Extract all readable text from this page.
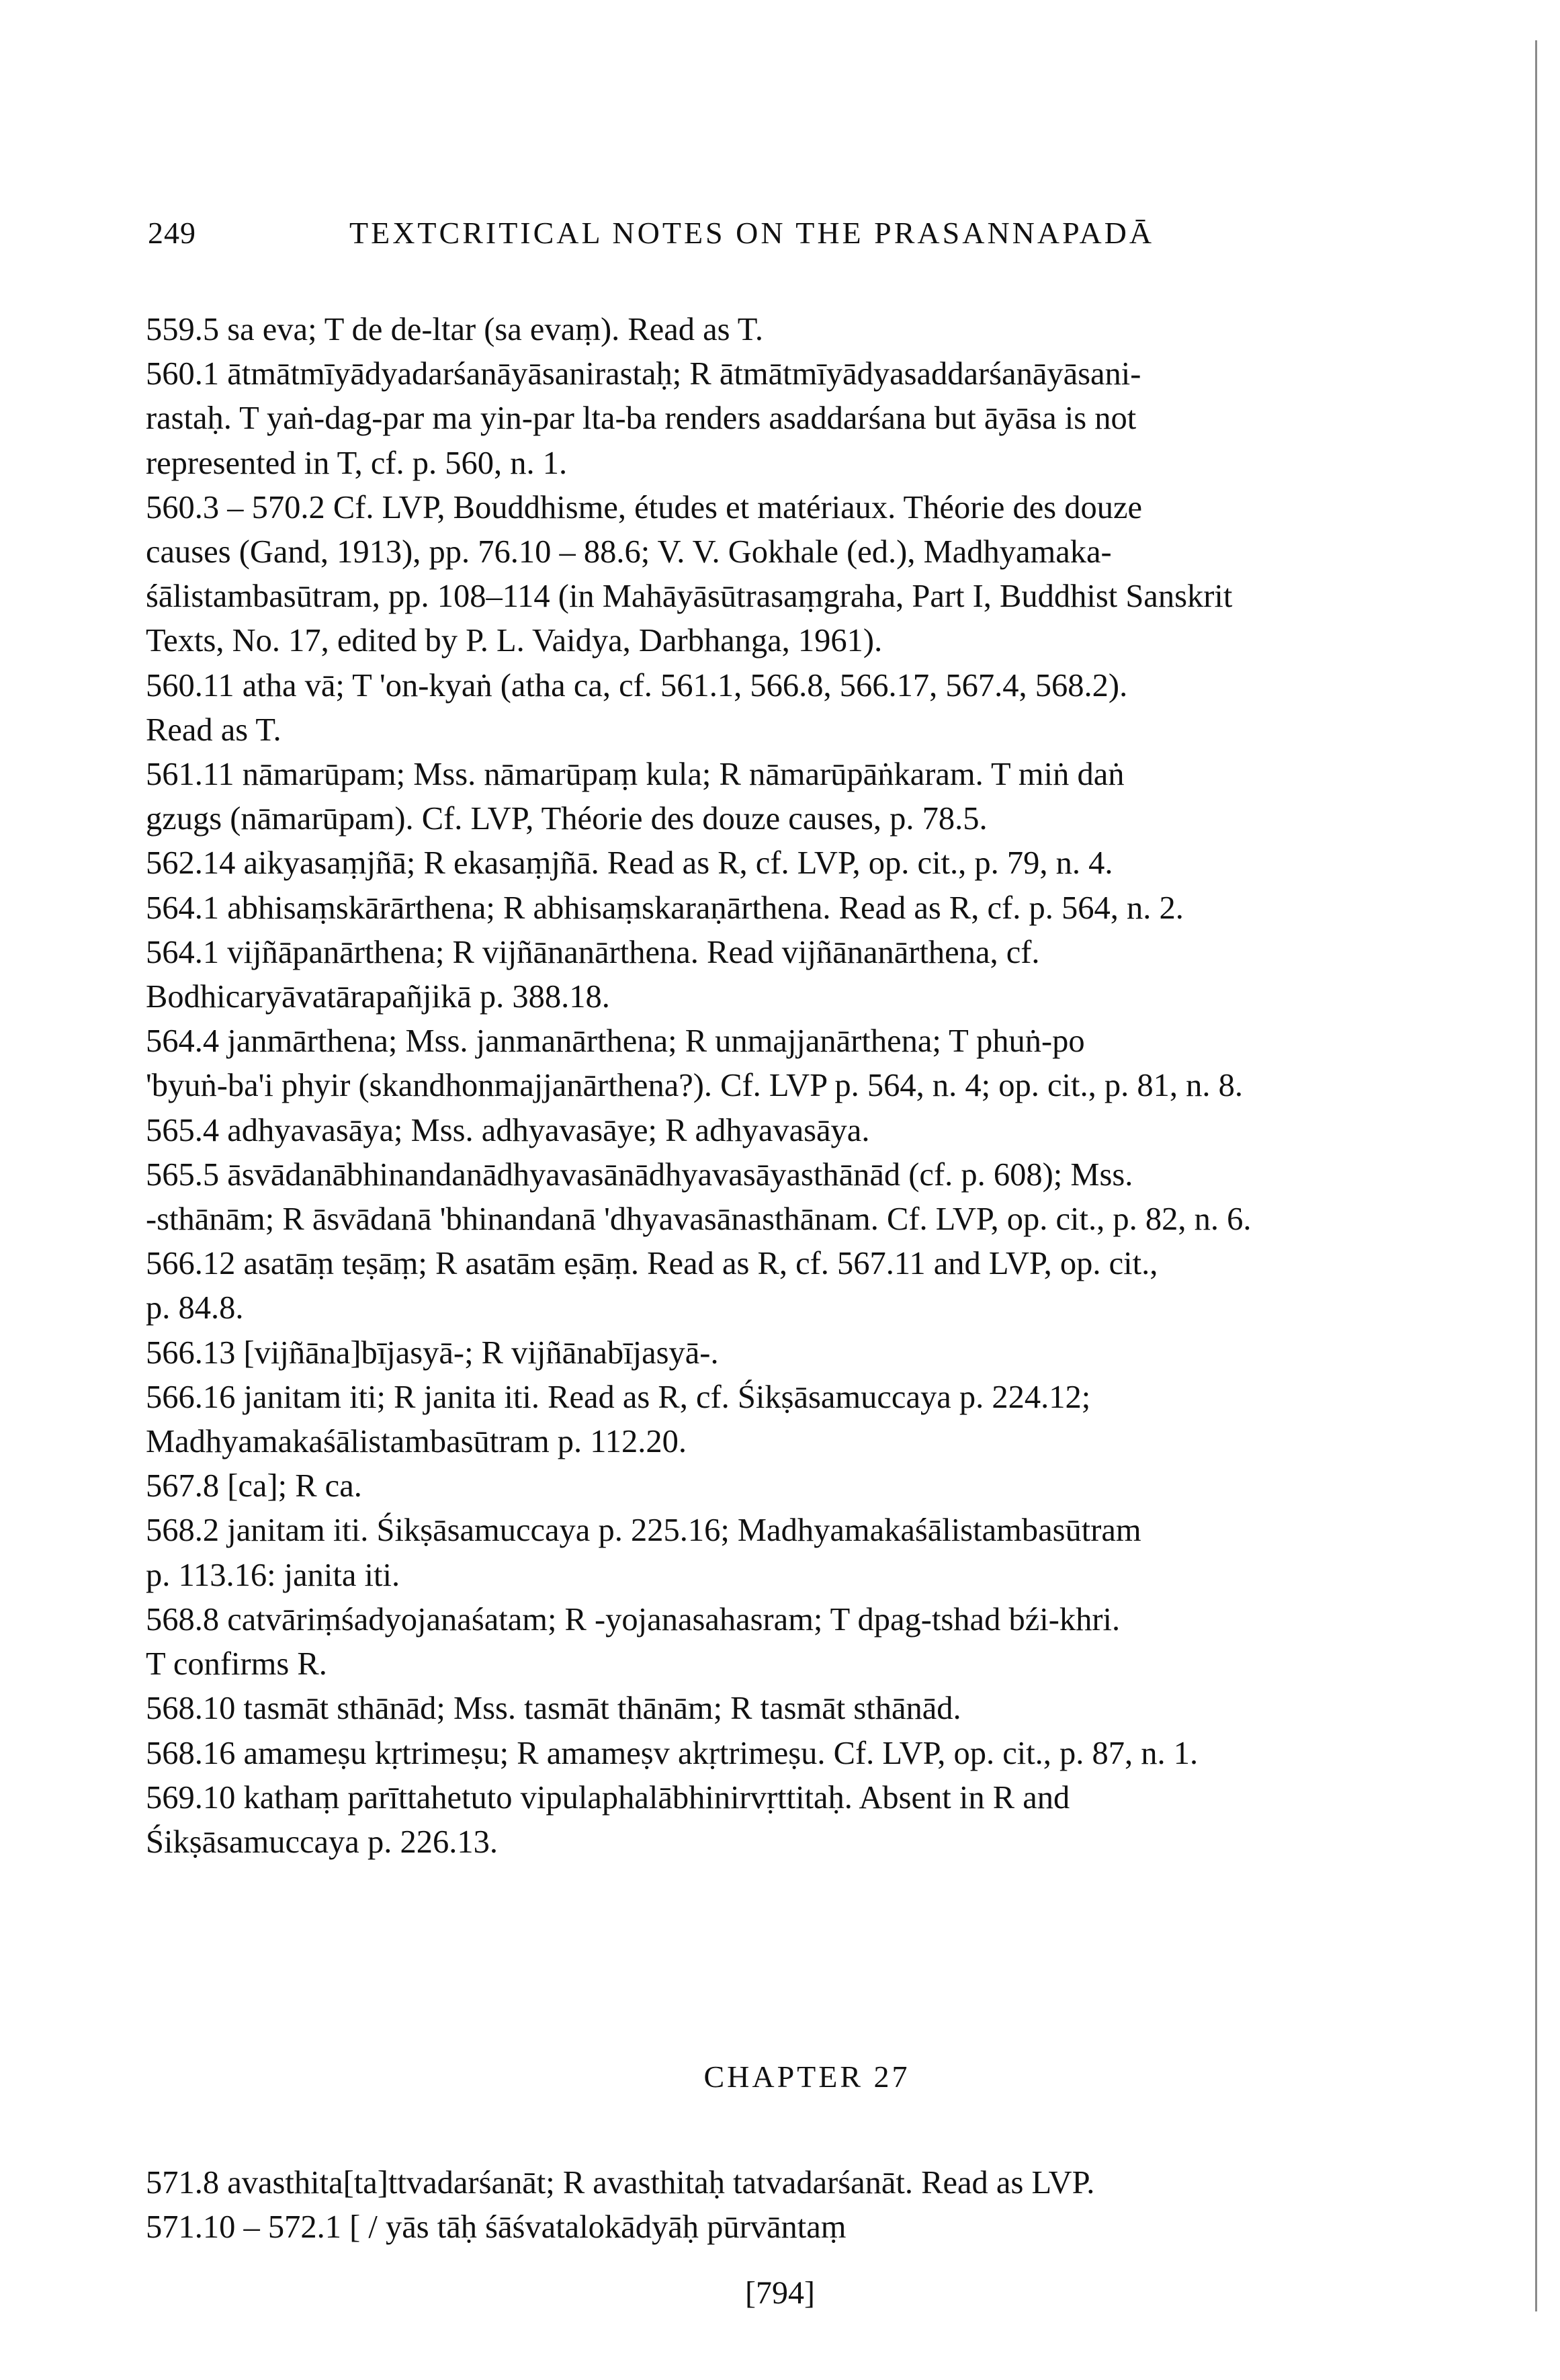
249	TEXTCRITICAL NOTES ON THE PRASANNAPADĀ

559.5 sa eva; T de de-ltar (sa evaṃ). Read as T.

560.1 ātmātmīyādyadarśanāyāsanirastaḥ; R ātmātmīyādyasaddarśanāyāsani-

rastaḥ. T yaṅ-dag-par ma yin-par lta-ba renders asaddarśana but āyāsa is not

represented in T, cf. p. 560, n. 1.

560.3 – 570.2 Cf. LVP, Bouddhisme, études et matériaux. Théorie des douze

causes (Gand, 1913), pp. 76.10 – 88.6; V. V. Gokhale (ed.), Madhyamaka-

śālistambasūtram, pp. 108–114 (in Mahāyāsūtrasaṃgraha, Part I, Buddhist Sanskrit

Texts, No. 17, edited by P. L. Vaidya, Darbhanga, 1961).

560.11 atha vā; T 'on-kyaṅ (atha ca, cf. 561.1, 566.8, 566.17, 567.4, 568.2).

Read as T.

561.11 nāmarūpam; Mss. nāmarūpaṃ kula; R nāmarūpāṅkaram. T miṅ daṅ

gzugs (nāmarūpam). Cf. LVP, Théorie des douze causes, p. 78.5.

562.14 aikyasaṃjñā; R ekasaṃjñā. Read as R, cf. LVP, op. cit., p. 79, n. 4.

564.1 abhisaṃskārārthena; R abhisaṃskaraṇārthena. Read as R, cf. p. 564, n. 2.

564.1 vijñāpanārthena; R vijñānanārthena. Read vijñānanārthena, cf.

Bodhicaryāvatārapañjikā p. 388.18.

564.4 janmārthena; Mss. janmanārthena; R unmajjanārthena; T phuṅ-po

'byuṅ-ba'i phyir (skandhonmajjanārthena?). Cf. LVP p. 564, n. 4; op. cit., p. 81, n. 8.

565.4 adhyavasāya; Mss. adhyavasāye; R adhyavasāya.

565.5 āsvādanābhinandanādhyavasānādhyavasāyasthānād (cf. p. 608); Mss.

-sthānām; R āsvādanā 'bhinandanā 'dhyavasānasthānam. Cf. LVP, op. cit., p. 82, n. 6.

566.12 asatāṃ teṣāṃ; R asatām eṣāṃ. Read as R, cf. 567.11 and LVP, op. cit.,

p. 84.8.

566.13 [vijñāna]bījasyā-; R vijñānabījasyā-.

566.16 janitam iti; R janita iti. Read as R, cf. Śikṣāsamuccaya p. 224.12;

Madhyamakaśālistambasūtram p. 112.20.

567.8 [ca]; R ca.

568.2 janitam iti. Śikṣāsamuccaya p. 225.16; Madhyamakaśālistambasūtram

p. 113.16: janita iti.

568.8 catvāriṃśadyojanaśatam; R -yojanasahasram; T dpag-tshad bźi-khri.

T confirms R.

568.10 tasmāt sthānād; Mss. tasmāt thānām; R tasmāt sthānād.

568.16 amameṣu kṛtrimeṣu; R amameṣv akṛtrimeṣu. Cf. LVP, op. cit., p. 87, n. 1.

569.10 kathaṃ parīttahetuto vipulaphalābhinirvṛttitaḥ. Absent in R and

Śikṣāsamuccaya p. 226.13.

CHAPTER 27

571.8 avasthita[ta]ttvadarśanāt; R avasthitaḥ tatvadarśanāt. Read as LVP.

571.10 – 572.1 [ / yās tāḥ śāśvatalokādyāḥ pūrvāntaṃ

[794]
